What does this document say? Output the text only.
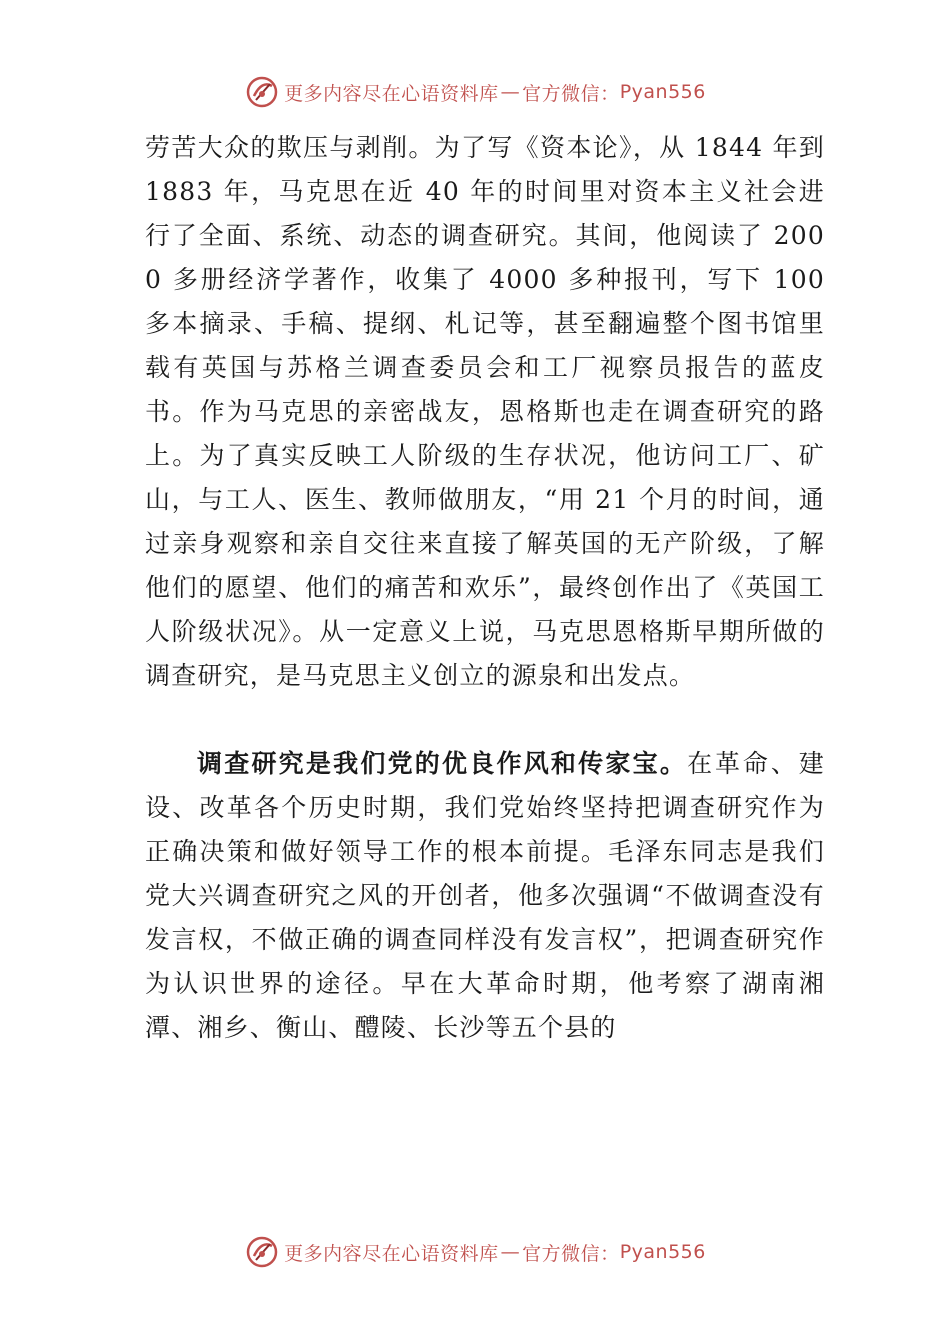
更多内容尽在心语资料库 — 官方微信： Pyan556

劳苦大众的欺压与剥削。为了写《资本论》，从 1844 年到 1883 年，马克思在近 40 年的时间里对资本主义社会进行了全面、系统、动态的调查研究。其间，他阅读了 2000 多册经济学著作，收集了 4000 多种报刊，写下 100 多本摘录、手稿、提纲、札记等，甚至翻遍整个图书馆里载有英国与苏格兰调查委员会和工厂视察员报告的蓝皮书。作为马克思的亲密战友，恩格斯也走在调查研究的路上。为了真实反映工人阶级的生存状况，他访问工厂、矿山，与工人、医生、教师做朋友，“用 21 个月的时间，通过亲身观察和亲自交往来直接了解英国的无产阶级，了解他们的愿望、他们的痛苦和欢乐”，最终创作出了《英国工人阶级状况》。从一定意义上说，马克思恩格斯早期所做的调查研究，是马克思主义创立的源泉和出发点。

调查研究是我们党的优良作风和传家宝。在革命、建设、改革各个历史时期，我们党始终坚持把调查研究作为正确决策和做好领导工作的根本前提。毛泽东同志是我们党大兴调查研究之风的开创者，他多次强调“不做调查没有发言权，不做正确的调查同样没有发言权”，把调查研究作为认识世界的途径。早在大革命时期，他考察了湖南湘潭、湘乡、衡山、醴陵、长沙等五个县的

更多内容尽在心语资料库 — 官方微信： Pyan556
